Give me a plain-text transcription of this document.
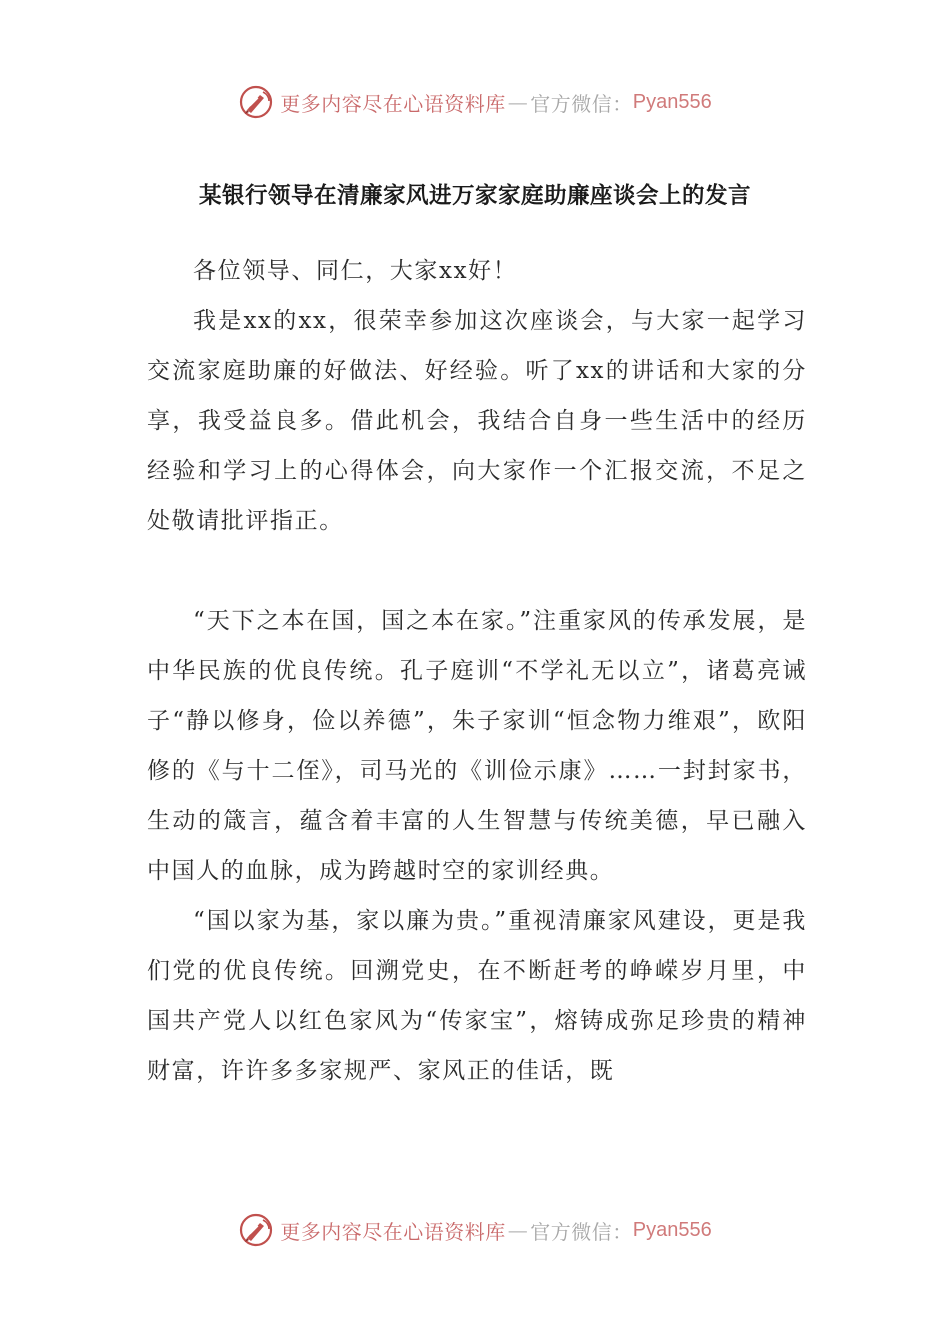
更多内容尽在心语资料库 — 官方微信： Pyan556
某银行领导在清廉家风进万家家庭助廉座谈会上的发言

各位领导、同仁，大家xx好！

我是xx的xx，很荣幸参加这次座谈会，与大家一起学习交流家庭助廉的好做法、好经验。听了xx的讲话和大家的分享，我受益良多。借此机会，我结合自身一些生活中的经历经验和学习上的心得体会，向大家作一个汇报交流，不足之处敬请批评指正。

“天下之本在国，国之本在家。”注重家风的传承发展，是中华民族的优良传统。孔子庭训“不学礼无以立”，诸葛亮诫子“静以修身，俭以养德”，朱子家训“恒念物力维艰”，欧阳修的《与十二侄》，司马光的《训俭示康》……一封封家书，生动的箴言，蕴含着丰富的人生智慧与传统美德，早已融入中国人的血脉，成为跨越时空的家训经典。

“国以家为基，家以廉为贵。”重视清廉家风建设，更是我们党的优良传统。回溯党史，在不断赶考的峥嵘岁月里，中国共产党人以红色家风为“传家宝”，熔铸成弥足珍贵的精神财富，许许多多家规严、家风正的佳话，既

更多内容尽在心语资料库 — 官方微信： Pyan556
